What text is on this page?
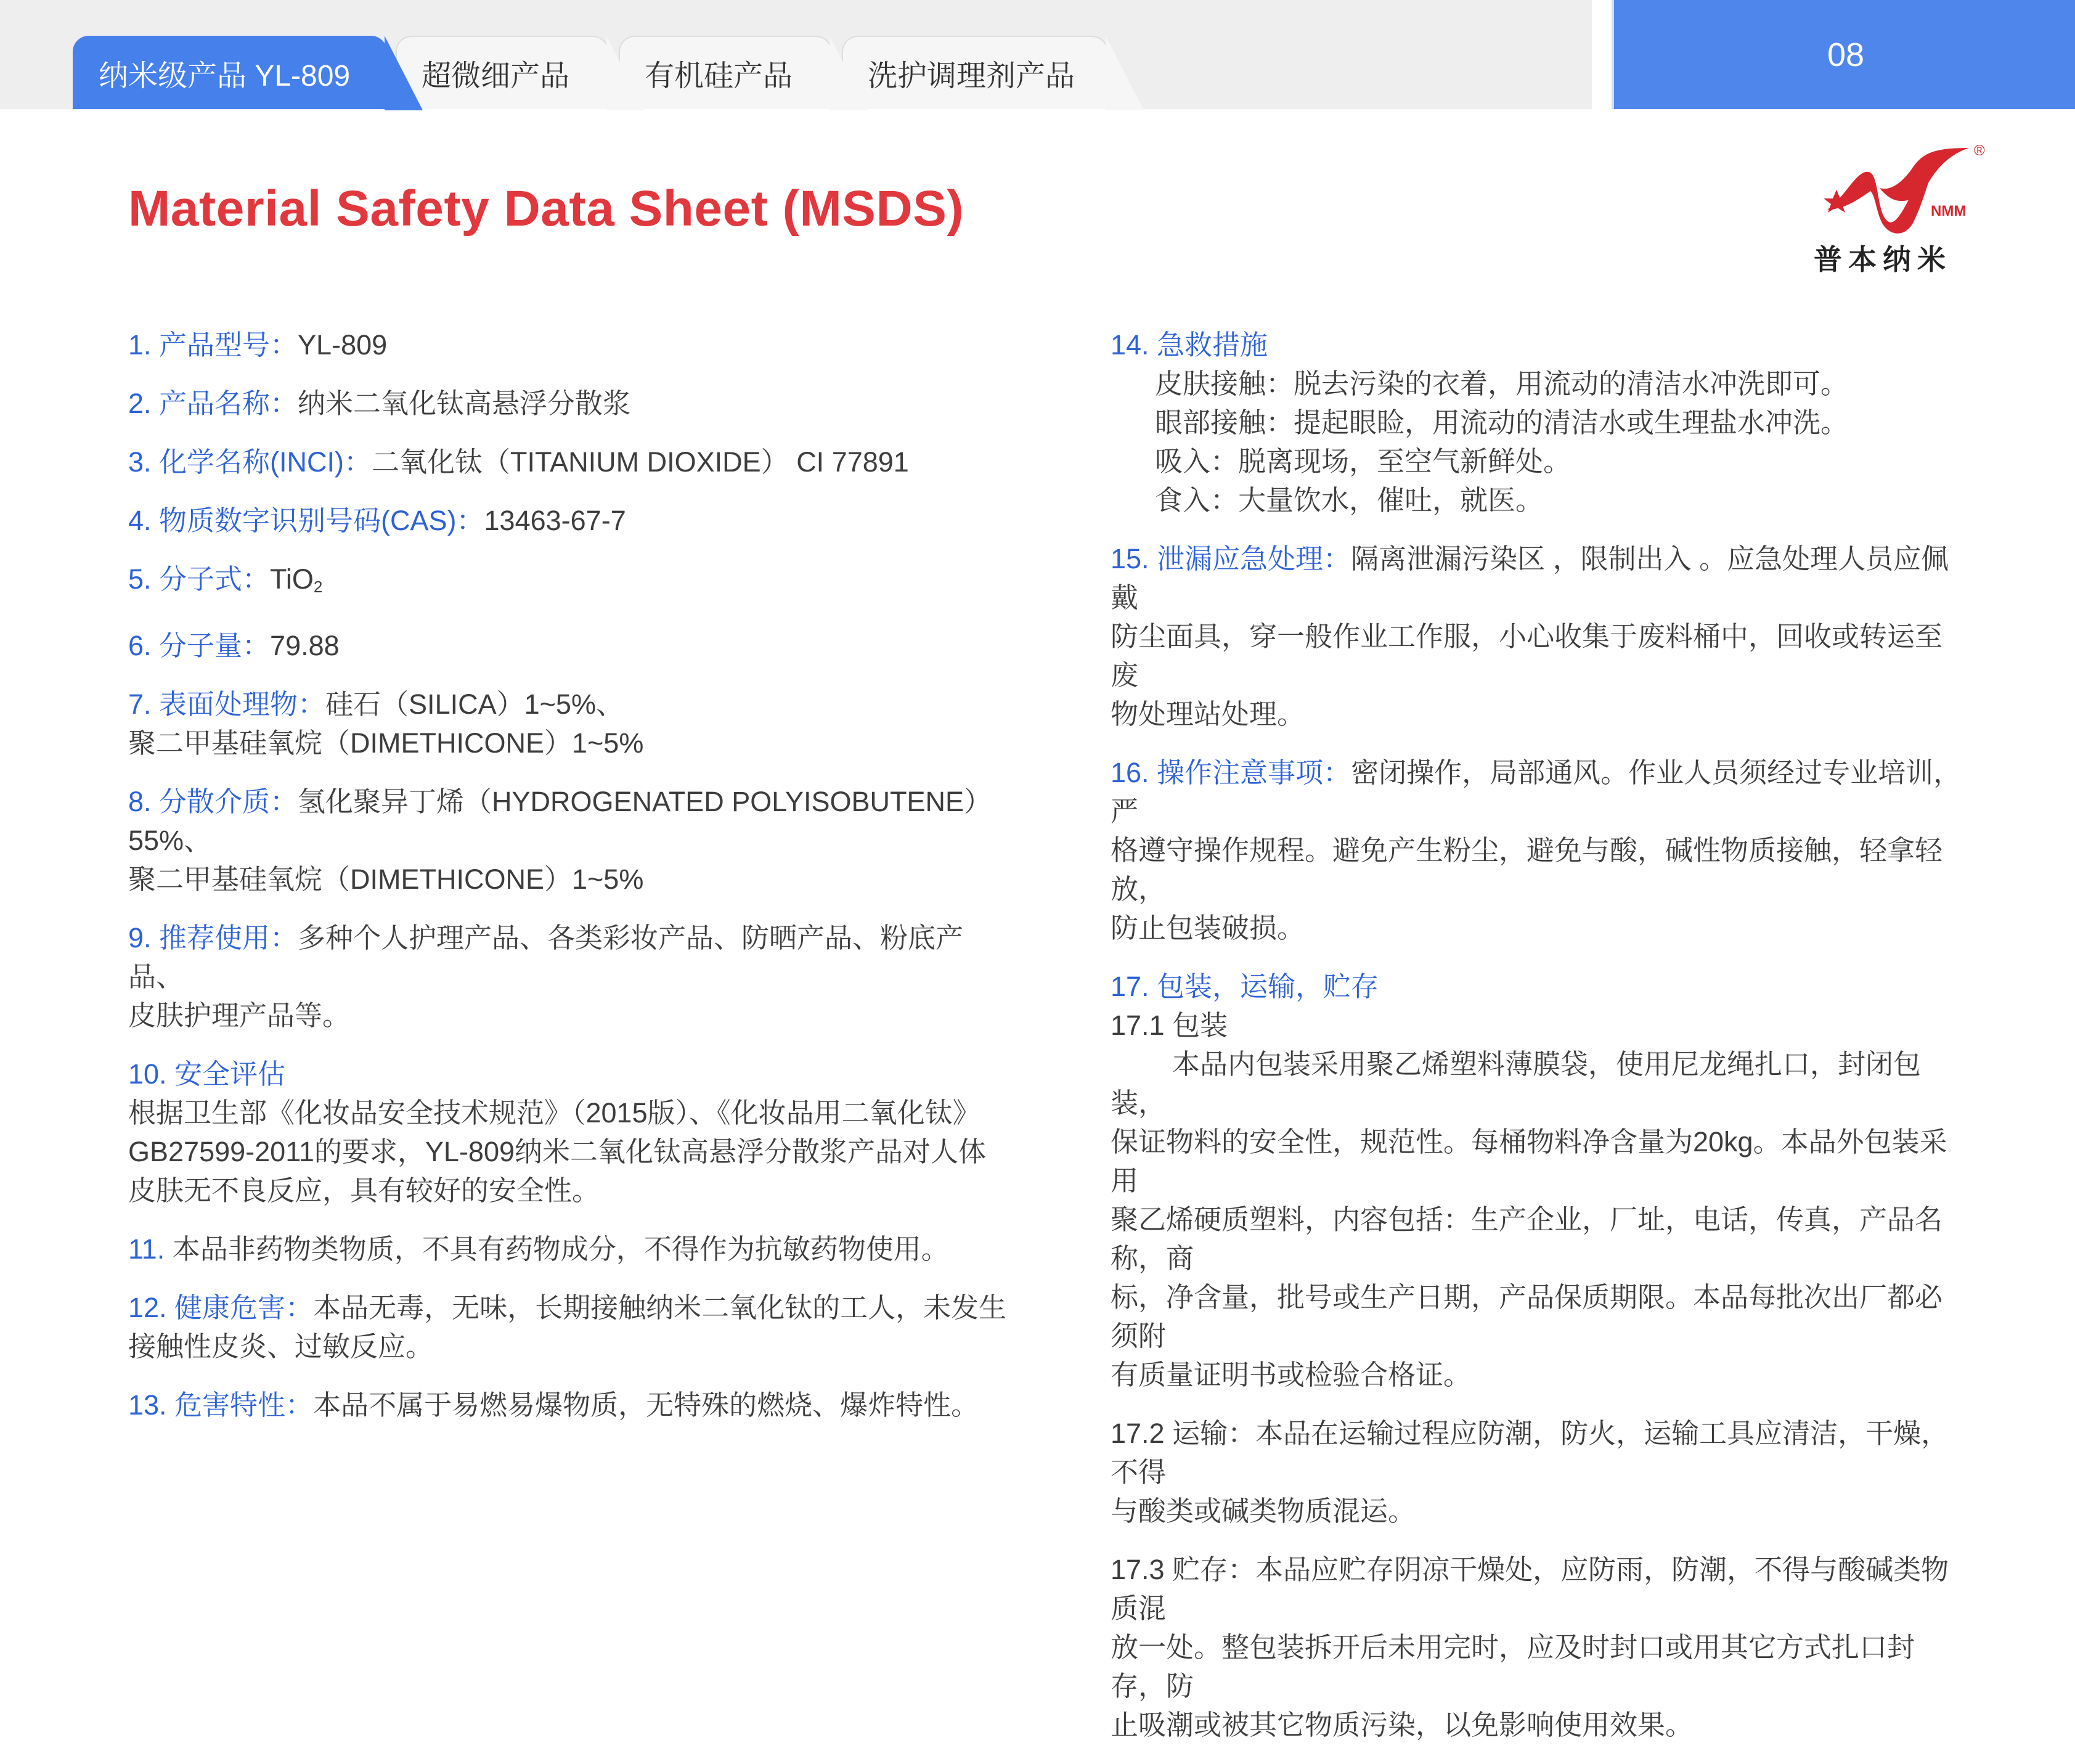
纳米级产品 YL-809 超微细产品	有机硅产品	洗护调理剂产品
08
Material Safety Data Sheet (MSDS)	NMM
®
普本纳米
1. 产品型号：YL-809
2. 产品名称：纳米二氧化钛高悬浮分散浆
3. 化学名称(INCI)：二氧化钛（TITANIUM DIOXIDE） CI 77891
4. 物质数字识别号码(CAS)：13463-67-7
5. 分子式：TiO$_2$
6. 分子量：79.88
7. 表面处理物：硅石（SILICA）1~5%、
聚二甲基硅氧烷（DIMETHICONE）1~5%
8. 分散介质：氢化聚异丁烯（HYDROGENATED POLYISOBUTENE）55%、
聚二甲基硅氧烷（DIMETHICONE）1~5%
9. 推荐使用：多种个人护理产品、各类彩妆产品、防晒产品、粉底产品、
皮肤护理产品等。
10. 安全评估
根据卫生部《化妆品安全技术规范》（2015版）、《化妆品用二氧化钛》
GB27599-2011的要求，YL-809纳米二氧化钛高悬浮分散浆产品对人体
皮肤无不良反应，具有较好的安全性。
11. 本品非药物类物质，不具有药物成分，不得作为抗敏药物使用。
12. 健康危害：本品无毒，无味，长期接触纳米二氧化钛的工人，未发生
接触性皮炎、过敏反应。
13. 危害特性：本品不属于易燃易爆物质，无特殊的燃烧、爆炸特性。
14. 急救措施
皮肤接触：脱去污染的衣着，用流动的清洁水冲洗即可。
眼部接触：提起眼睑，用流动的清洁水或生理盐水冲洗。
吸入：脱离现场，至空气新鲜处。
食入：大量饮水，催吐，就医。
15. 泄漏应急处理：隔离泄漏污染区 ，限制出入 。应急处理人员应佩戴
防尘面具，穿一般作业工作服，小心收集于废料桶中，回收或转运至废
物处理站处理。
16. 操作注意事项：密闭操作，局部通风。作业人员须经过专业培训，严
格遵守操作规程。避免产生粉尘，避免与酸，碱性物质接触，轻拿轻放，
防止包装破损。
17. 包装，运输，贮存
17.1 包装
本品内包装采用聚乙烯塑料薄膜袋，使用尼龙绳扎口，封闭包装，
保证物料的安全性，规范性。每桶物料净含量为20kg。本品外包装采用
聚乙烯硬质塑料，内容包括：生产企业，厂址，电话，传真，产品名称，商
标，净含量，批号或生产日期，产品保质期限。本品每批次出厂都必须附
有质量证明书或检验合格证。
17.2 运输：本品在运输过程应防潮，防火，运输工具应清洁，干燥，不得
与酸类或碱类物质混运。
17.3 贮存：本品应贮存阴凉干燥处，应防雨，防潮，不得与酸碱类物质混
放一处。整包装拆开后未用完时，应及时封口或用其它方式扎口封存，防
止吸潮或被其它物质污染，以免影响使用效果。
